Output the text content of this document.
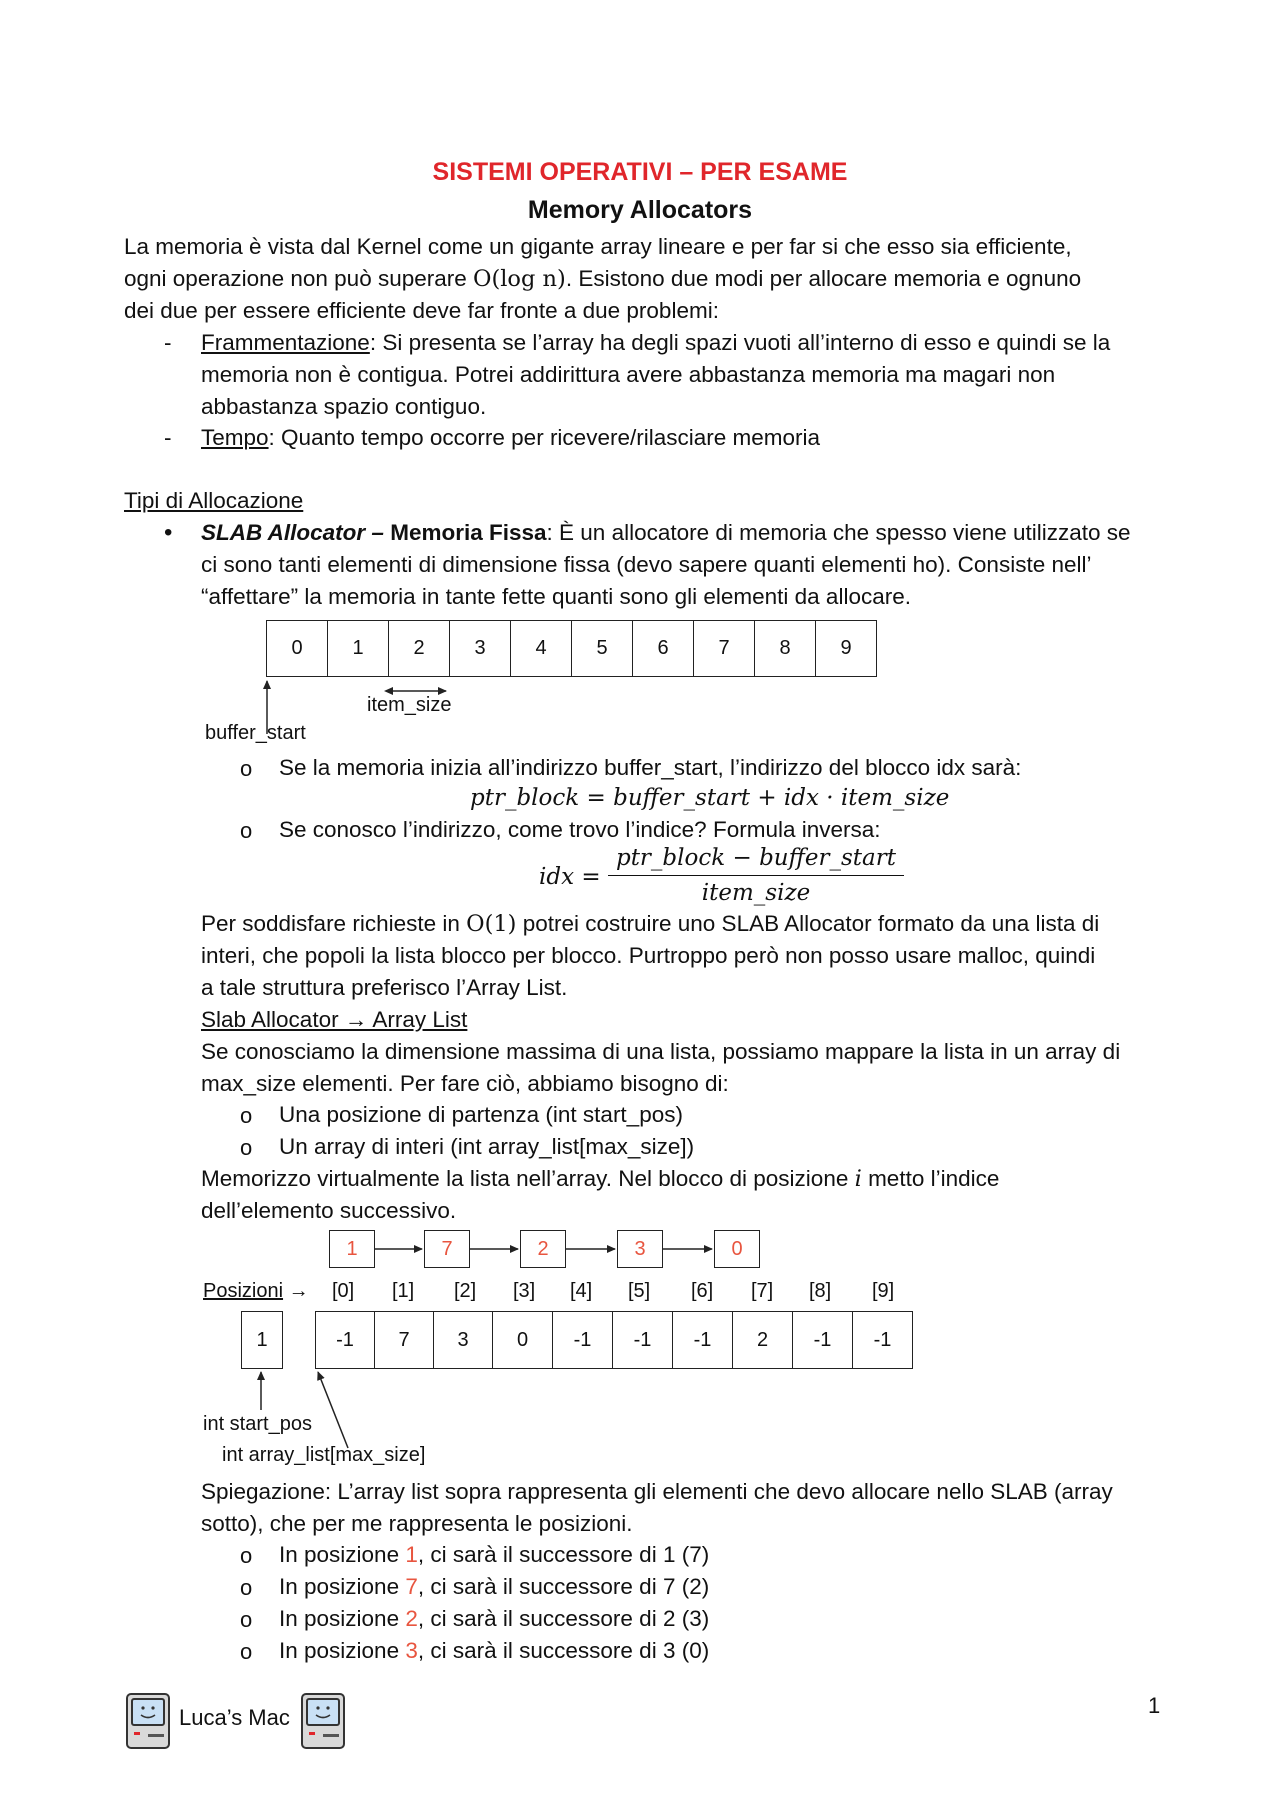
SISTEMI OPERATIVI – PER ESAME
Memory Allocators
La memoria è vista dal Kernel come un gigante array lineare e per far si che esso sia efficiente,
ogni operazione non può superare O(log n). Esistono due modi per allocare memoria e ognuno
dei due per essere efficiente deve far fronte a due problemi:
- Frammentazione: Si presenta se l’array ha degli spazi vuoti all’interno di esso e quindi se la
memoria non è contigua. Potrei addirittura avere abbastanza memoria ma magari non
abbastanza spazio contiguo.
- Tempo: Quanto tempo occorre per ricevere/rilasciare memoria
Tipi di Allocazione
• SLAB Allocator – Memoria Fissa: È un allocatore di memoria che spesso viene utilizzato se
ci sono tanti elementi di dimensione fissa (devo sapere quanti elementi ho). Consiste nell’
“affettare” la memoria in tante fette quanti sono gli elementi da allocare.
0	1	2	3	4	5	6	7	8	9
item_size
buffer_start
o Se la memoria inizia all’indirizzo buffer_start, l’indirizzo del blocco idx sarà:
ptr_block = buffer_start + idx · item_size
o Se conosco l’indirizzo, come trovo l’indice? Formula inversa:
idx =
ptr_block − buffer_start
item_size
Per soddisfare richieste in O(1) potrei costruire uno SLAB Allocator formato da una lista di
interi, che popoli la lista blocco per blocco. Purtroppo però non posso usare malloc, quindi
a tale struttura preferisco l’Array List.
Slab Allocator → Array List
Se conosciamo la dimensione massima di una lista, possiamo mappare la lista in un array di
max_size elementi. Per fare ciò, abbiamo bisogno di:
o Una posizione di partenza (int start_pos)
o Un array di interi (int array_list[max_size])
Memorizzo virtualmente la lista nell’array. Nel blocco di posizione i metto l’indice
dell’elemento successivo.
1	7	2	3	0
Posizioni → [0] [1] [2] [3] [4] [5] [6] [7] [8] [9]
1	-1	7	3	0	-1	-1	-1	2	-1	-1
int start_pos
int array_list[max_size]
Spiegazione: L’array list sopra rappresenta gli elementi che devo allocare nello SLAB (array
sotto), che per me rappresenta le posizioni.
o In posizione 1, ci sarà il successore di 1 (7)
o In posizione 7, ci sarà il successore di 7 (2)
o In posizione 2, ci sarà il successore di 2 (3)
o In posizione 3, ci sarà il successore di 3 (0)
Luca’s Mac	1
